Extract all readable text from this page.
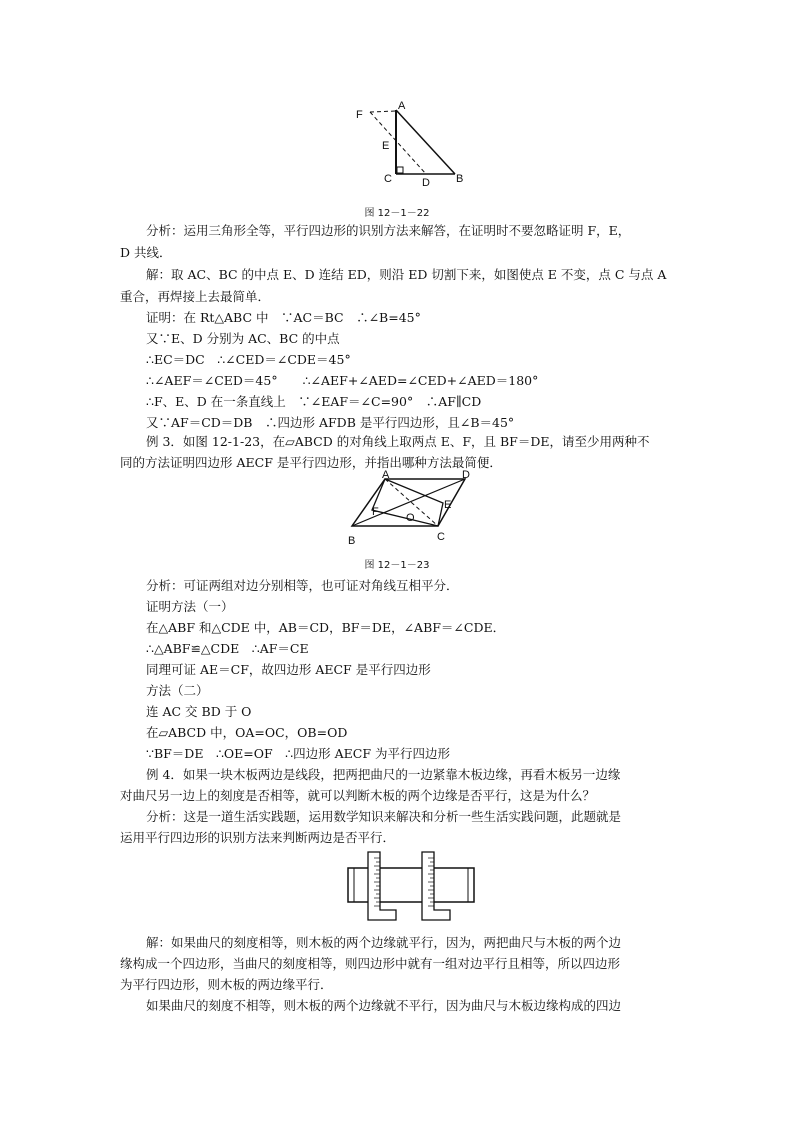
F
A
E
C	D B
图 12－1－22
分析：运用三角形全等，平行四边形的识别方法来解答，在证明时不要忽略证明 F，E，
D 共线．
解：取 AC、BC 的中点 E、D 连结 ED，则沿 ED 切割下来，如图使点 E 不变，点 C 与点 A
重合，再焊接上去最简单．
证明：在 Rt△ABC 中　∵AC＝BC　∴∠B=45°
又∵E、D 分别为 AC、BC 的中点
∴EC＝DC　∴∠CED＝∠CDE＝45°
∴∠AEF＝∠CED＝45°　　∴∠AEF+∠AED=∠CED+∠AED＝180°
∴F、E、D 在一条直线上　∵∠EAF＝∠C=90°　∴AF∥CD
又∵AF＝CD＝DB　∴四边形 AFDB 是平行四边形，且∠B＝45°
例 3．如图 12-1-23，在▱ABCD 的对角线上取两点 E、F，且 BF＝DE，请至少用两种不
同的方法证明四边形 AECF 是平行四边形，并指出哪种方法最简便．
A	D
F O
E
B	C
图 12－1－23
分析：可证两组对边分别相等，也可证对角线互相平分．
证明方法（一）
在△ABF 和△CDE 中，AB＝CD，BF＝DE，∠ABF＝∠CDE．
∴△ABF≌△CDE　∴AF＝CE
同理可证 AE＝CF，故四边形 AECF 是平行四边形
方法（二）
连 AC 交 BD 于 O
在▱ABCD 中，OA=OC，OB=OD
∵BF＝DE　∴OE=OF　∴四边形 AECF 为平行四边形
例 4．如果一块木板两边是线段，把两把曲尺的一边紧靠木板边缘，再看木板另一边缘
对曲尺另一边上的刻度是否相等，就可以判断木板的两个边缘是否平行，这是为什么？
分析：这是一道生活实践题，运用数学知识来解决和分析一些生活实践问题，此题就是
运用平行四边形的识别方法来判断两边是否平行．
解：如果曲尺的刻度相等，则木板的两个边缘就平行，因为，两把曲尺与木板的两个边
缘构成一个四边形，当曲尺的刻度相等，则四边形中就有一组对边平行且相等，所以四边形
为平行四边形，则木板的两边缘平行．
如果曲尺的刻度不相等，则木板的两个边缘就不平行，因为曲尺与木板边缘构成的四边
